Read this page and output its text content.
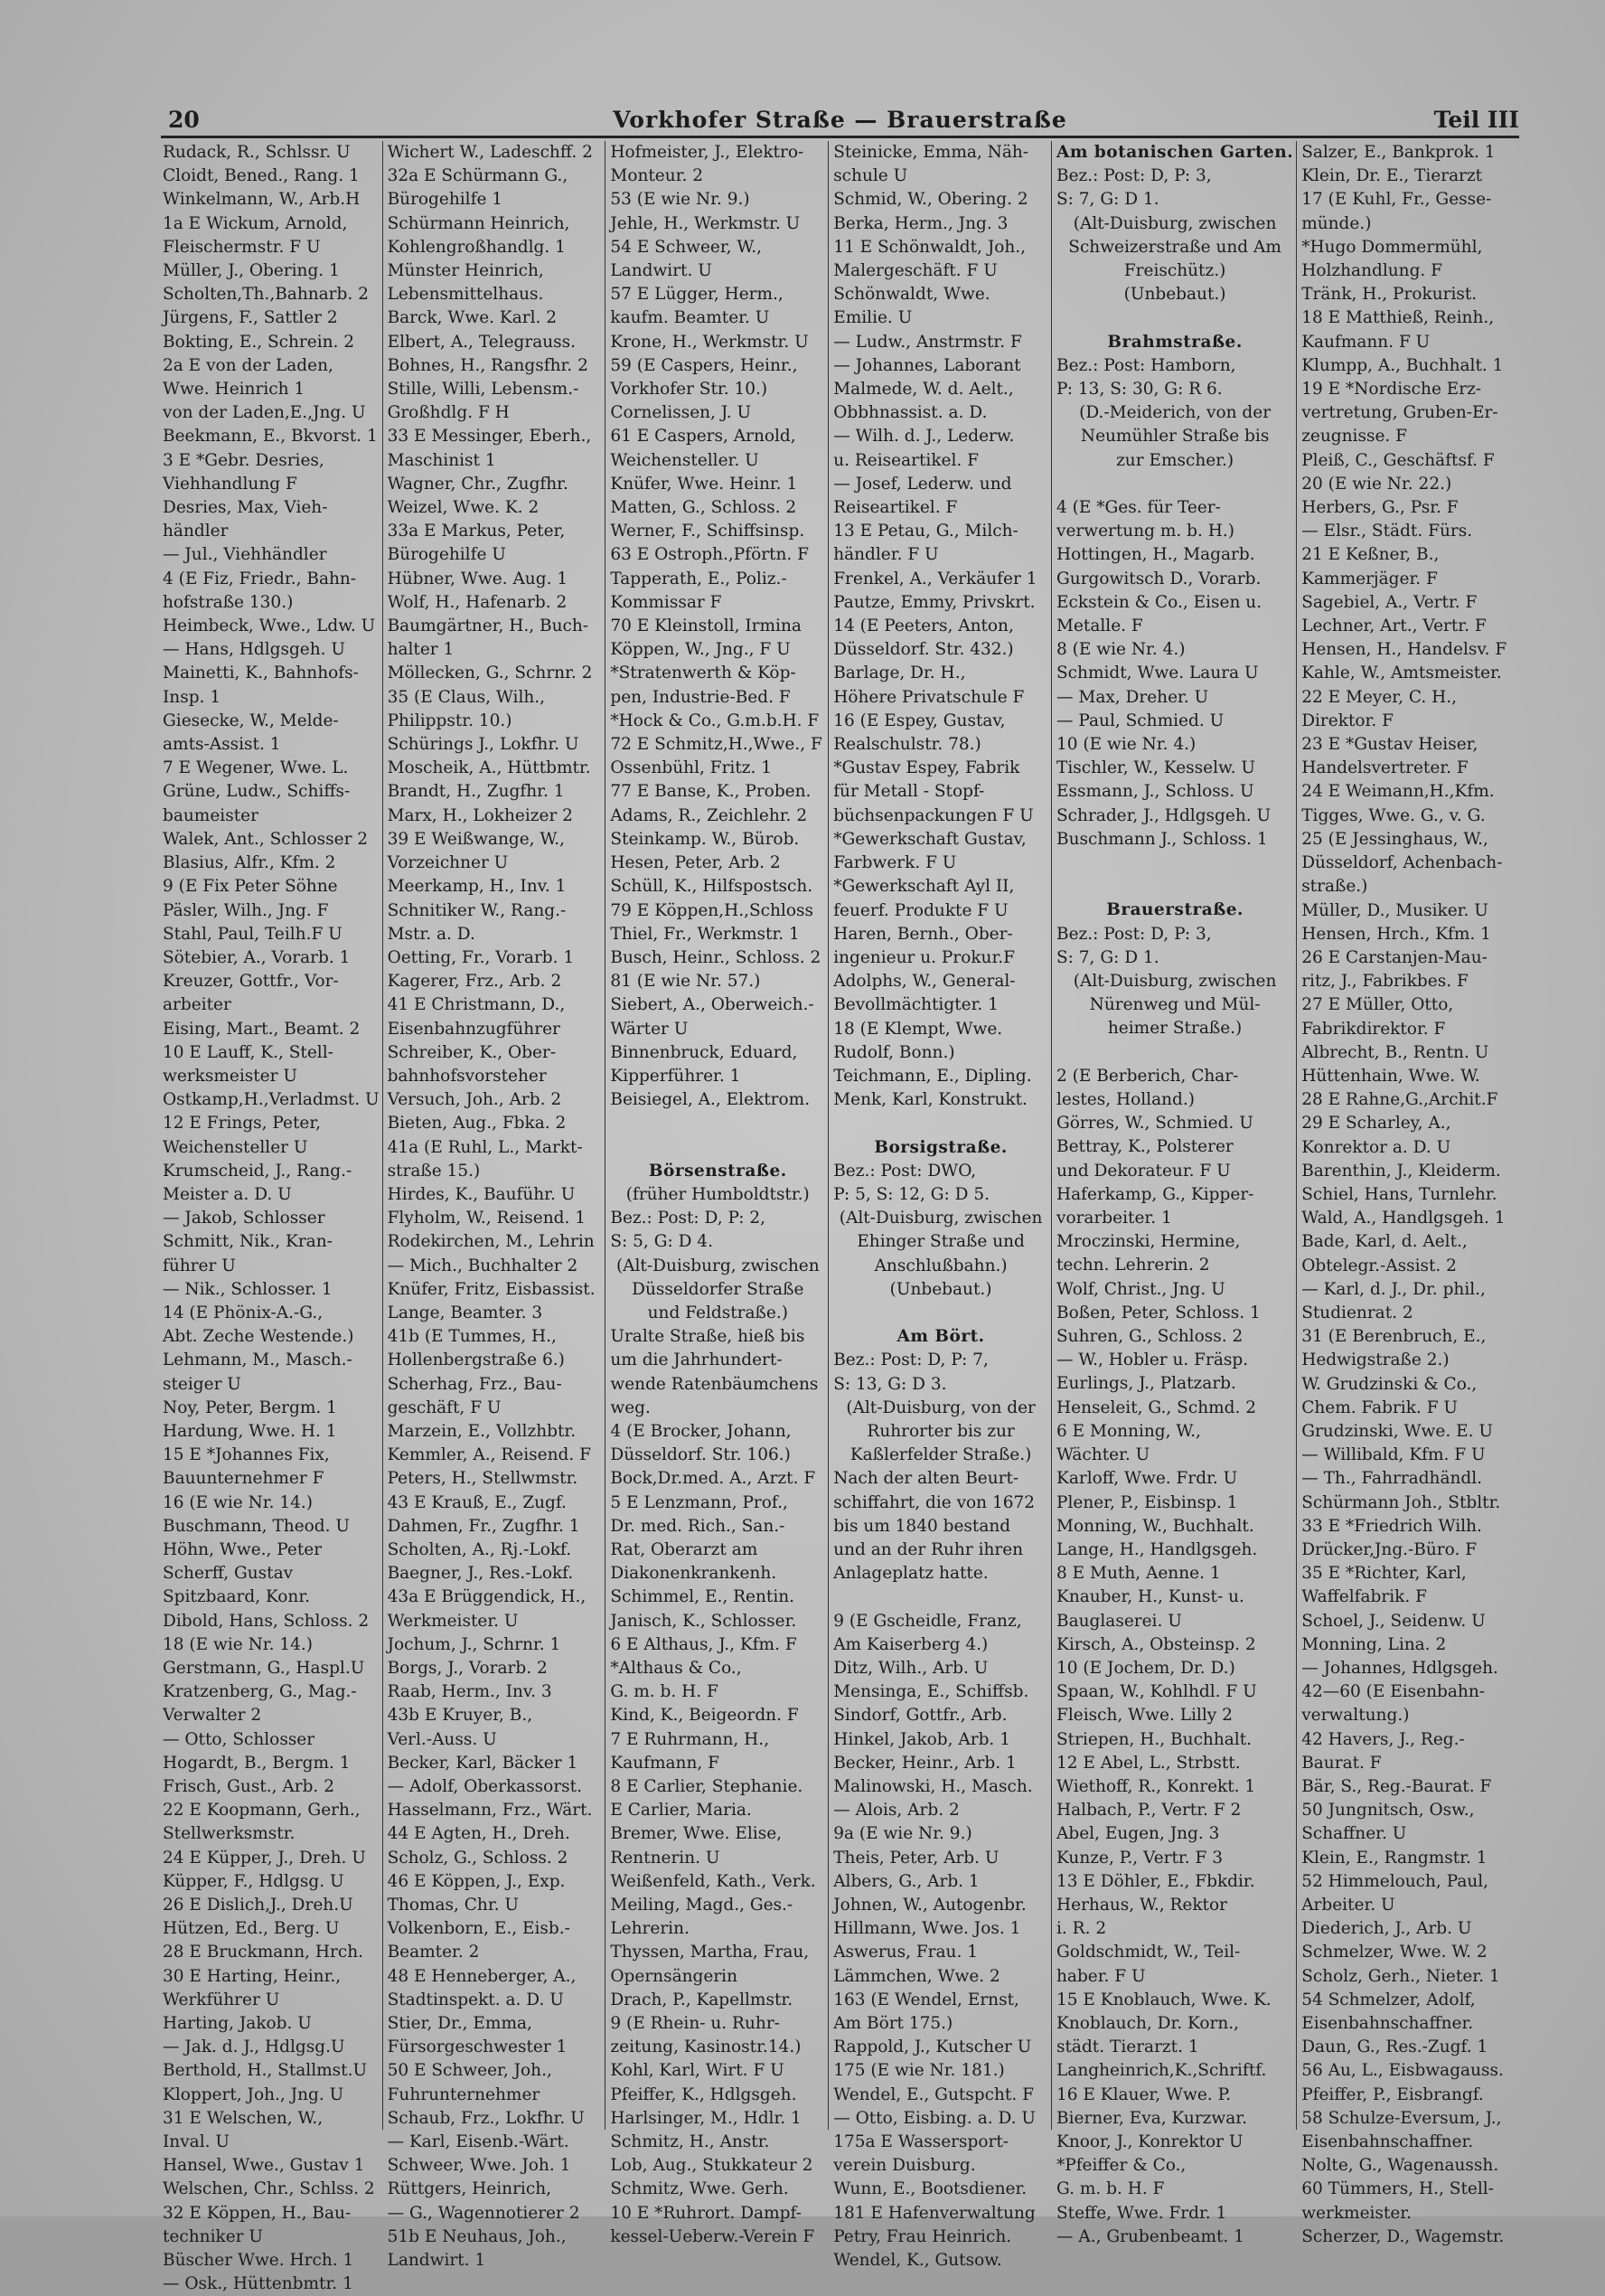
20	Vorkhofer Straße — Brauerstraße	Teil III
Rudack, R., Schlssr. U
Cloidt, Bened., Rang. 1
Winkelmann, W., Arb.H
1a E Wickum, Arnold,
Fleischermstr. F U
Müller, J., Obering. 1
Scholten,Th.,Bahnarb. 2
Jürgens, F., Sattler 2
Bokting, E., Schrein. 2
2a E von der Laden,
Wwe. Heinrich 1
von der Laden,E.,Jng. U
Beekmann, E., Bkvorst. 1
3 E *Gebr. Desries,
Viehhandlung F
Desries, Max, Vieh-
händler
— Jul., Viehhändler
4 (E Fiz, Friedr., Bahn-
hofstraße 130.)
Heimbeck, Wwe., Ldw. U
— Hans, Hdlgsgeh. U
Mainetti, K., Bahnhofs-
Insp. 1
Giesecke, W., Melde-
amts-Assist. 1
7 E Wegener, Wwe. L.
Grüne, Ludw., Schiffs-
baumeister
Walek, Ant., Schlosser 2
Blasius, Alfr., Kfm. 2
9 (E Fix Peter Söhne
Päsler, Wilh., Jng. F
Stahl, Paul, Teilh.F U
Sötebier, A., Vorarb. 1
Kreuzer, Gottfr., Vor-
arbeiter
Eising, Mart., Beamt. 2
10 E Lauff, K., Stell-
werksmeister U
Ostkamp,H.,Verladmst. U
12 E Frings, Peter,
Weichensteller U
Krumscheid, J., Rang.-
Meister a. D. U
— Jakob, Schlosser
Schmitt, Nik., Kran-
führer U
— Nik., Schlosser. 1
14 (E Phönix-A.-G.,
Abt. Zeche Westende.)
Lehmann, M., Masch.-
steiger U
Noy, Peter, Bergm. 1
Hardung, Wwe. H. 1
15 E *Johannes Fix,
Bauunternehmer F
16 (E wie Nr. 14.)
Buschmann, Theod. U
Höhn, Wwe., Peter
Scherff, Gustav
Spitzbaard, Konr.
Dibold, Hans, Schloss. 2
18 (E wie Nr. 14.)
Gerstmann, G., Haspl.U
Kratzenberg, G., Mag.-
Verwalter 2
— Otto, Schlosser
Hogardt, B., Bergm. 1
Frisch, Gust., Arb. 2
22 E Koopmann, Gerh.,
Stellwerksmstr.
24 E Küpper, J., Dreh. U
Küpper, F., Hdlgsg. U
26 E Dislich,J., Dreh.U
Hützen, Ed., Berg. U
28 E Bruckmann, Hrch.
30 E Harting, Heinr.,
Werkführer U
Harting, Jakob. U
— Jak. d. J., Hdlgsg.U
Berthold, H., Stallmst.U
Kloppert, Joh., Jng. U
31 E Welschen, W.,
Inval. U
Hansel, Wwe., Gustav 1
Welschen, Chr., Schlss. 2
32 E Köppen, H., Bau-
techniker U
Büscher Wwe. Hrch. 1
— Osk., Hüttenbmtr. 1
Wichert W., Ladeschff. 2
32a E Schürmann G.,
Bürogehilfe 1
Schürmann Heinrich,
Kohlengroßhandlg. 1
Münster Heinrich,
Lebensmittelhaus.
Barck, Wwe. Karl. 2
Elbert, A., Telegrauss.
Bohnes, H., Rangsfhr. 2
Stille, Willi, Lebensm.-
Großhdlg. F H
33 E Messinger, Eberh.,
Maschinist 1
Wagner, Chr., Zugfhr.
Weizel, Wwe. K. 2
33a E Markus, Peter,
Bürogehilfe U
Hübner, Wwe. Aug. 1
Wolf, H., Hafenarb. 2
Baumgärtner, H., Buch-
halter 1
Möllecken, G., Schrnr. 2
35 (E Claus, Wilh.,
Philippstr. 10.)
Schürings J., Lokfhr. U
Moscheik, A., Hüttbmtr.
Brandt, H., Zugfhr. 1
Marx, H., Lokheizer 2
39 E Weißwange, W.,
Vorzeichner U
Meerkamp, H., Inv. 1
Schnitiker W., Rang.-
Mstr. a. D.
Oetting, Fr., Vorarb. 1
Kagerer, Frz., Arb. 2
41 E Christmann, D.,
Eisenbahnzugführer
Schreiber, K., Ober-
bahnhofsvorsteher
Versuch, Joh., Arb. 2
Bieten, Aug., Fbka. 2
41a (E Ruhl, L., Markt-
straße 15.)
Hirdes, K., Bauführ. U
Flyholm, W., Reisend. 1
Rodekirchen, M., Lehrin
— Mich., Buchhalter 2
Knüfer, Fritz, Eisbassist.
Lange, Beamter. 3
41b (E Tummes, H.,
Hollenbergstraße 6.)
Scherhag, Frz., Bau-
geschäft, F U
Marzein, E., Vollzhbtr.
Kemmler, A., Reisend. F
Peters, H., Stellwmstr.
43 E Krauß, E., Zugf.
Dahmen, Fr., Zugfhr. 1
Scholten, A., Rj.-Lokf.
Baegner, J., Res.-Lokf.
43a E Brüggendick, H.,
Werkmeister. U
Jochum, J., Schrnr. 1
Borgs, J., Vorarb. 2
Raab, Herm., Inv. 3
43b E Kruyer, B.,
Verl.-Auss. U
Becker, Karl, Bäcker 1
— Adolf, Oberkassorst.
Hasselmann, Frz., Wärt.
44 E Agten, H., Dreh.
Scholz, G., Schloss. 2
46 E Köppen, J., Exp.
Thomas, Chr. U
Volkenborn, E., Eisb.-
Beamter. 2
48 E Henneberger, A.,
Stadtinspekt. a. D. U
Stier, Dr., Emma,
Fürsorgeschwester 1
50 E Schweer, Joh.,
Fuhrunternehmer
Schaub, Frz., Lokfhr. U
— Karl, Eisenb.-Wärt.
Schweer, Wwe. Joh. 1
Rüttgers, Heinrich,
— G., Wagennotierer 2
51b E Neuhaus, Joh.,
Landwirt. 1
Hofmeister, J., Elektro-
Monteur. 2
53 (E wie Nr. 9.)
Jehle, H., Werkmstr. U
54 E Schweer, W.,
Landwirt. U
57 E Lügger, Herm.,
kaufm. Beamter. U
Krone, H., Werkmstr. U
59 (E Caspers, Heinr.,
Vorkhofer Str. 10.)
Cornelissen, J. U
61 E Caspers, Arnold,
Weichensteller. U
Knüfer, Wwe. Heinr. 1
Matten, G., Schloss. 2
Werner, F., Schiffsinsp.
63 E Ostroph.,Pförtn. F
Tapperath, E., Poliz.-
Kommissar F
70 E Kleinstoll, Irmina
Köppen, W., Jng., F U
*Stratenwerth & Köp-
pen, Industrie-Bed. F
*Hock & Co., G.m.b.H. F
72 E Schmitz,H.,Wwe., F
Ossenbühl, Fritz. 1
77 E Banse, K., Proben.
Adams, R., Zeichlehr. 2
Steinkamp. W., Bürob.
Hesen, Peter, Arb. 2
Schüll, K., Hilfspostsch.
79 E Köppen,H.,Schloss
Thiel, Fr., Werkmstr. 1
Busch, Heinr., Schloss. 2
81 (E wie Nr. 57.)
Siebert, A., Oberweich.-
Wärter U
Binnenbruck, Eduard,
Kipperführer. 1
Beisiegel, A., Elektrom.
Börsenstraße.
(früher Humboldtstr.)
Bez.: Post: D, P: 2,
S: 5, G: D 4.
(Alt-Duisburg, zwischen
Düsseldorfer Straße
und Feldstraße.)
Uralte Straße, hieß bis
um die Jahrhundert-
wende Ratenbäumchens
weg.
4 (E Brocker, Johann,
Düsseldorf. Str. 106.)
Bock,Dr.med. A., Arzt. F
5 E Lenzmann, Prof.,
Dr. med. Rich., San.-
Rat, Oberarzt am
Diakonenkrankenh.
Schimmel, E., Rentin.
Janisch, K., Schlosser.
6 E Althaus, J., Kfm. F
*Althaus & Co.,
G. m. b. H. F
Kind, K., Beigeordn. F
7 E Ruhrmann, H.,
Kaufmann, F
8 E Carlier, Stephanie.
E Carlier, Maria.
Bremer, Wwe. Elise,
Rentnerin. U
Weißenfeld, Kath., Verk.
Meiling, Magd., Ges.-
Lehrerin.
Thyssen, Martha, Frau,
Opernsängerin
Drach, P., Kapellmstr.
9 (E Rhein- u. Ruhr-
zeitung, Kasinostr.14.)
Kohl, Karl, Wirt. F U
Pfeiffer, K., Hdlgsgeh.
Harlsinger, M., Hdlr. 1
Schmitz, H., Anstr.
Lob, Aug., Stukkateur 2
Schmitz, Wwe. Gerh.
10 E *Ruhrort. Dampf-
kessel-Ueberw.-Verein F
Steinicke, Emma, Näh-
schule U
Schmid, W., Obering. 2
Berka, Herm., Jng. 3
11 E Schönwaldt, Joh.,
Malergeschäft. F U
Schönwaldt, Wwe.
Emilie. U
— Ludw., Anstrmstr. F
— Johannes, Laborant
Malmede, W. d. Aelt.,
Obbhnassist. a. D.
— Wilh. d. J., Lederw.
u. Reiseartikel. F
— Josef, Lederw. und
Reiseartikel. F
13 E Petau, G., Milch-
händler. F U
Frenkel, A., Verkäufer 1
Pautze, Emmy, Privskrt.
14 (E Peeters, Anton,
Düsseldorf. Str. 432.)
Barlage, Dr. H.,
Höhere Privatschule F
16 (E Espey, Gustav,
Realschulstr. 78.)
*Gustav Espey, Fabrik
für Metall - Stopf-
büchsenpackungen F U
*Gewerkschaft Gustav,
Farbwerk. F U
*Gewerkschaft Ayl II,
feuerf. Produkte F U
Haren, Bernh., Ober-
ingenieur u. Prokur.F
Adolphs, W., General-
Bevollmächtigter. 1
18 (E Klempt, Wwe.
Rudolf, Bonn.)
Teichmann, E., Dipling.
Menk, Karl, Konstrukt.
Borsigstraße.
Bez.: Post: DWO,
P: 5, S: 12, G: D 5.
(Alt-Duisburg, zwischen
Ehinger Straße und
Anschlußbahn.)
(Unbebaut.)
Am Bört.
Bez.: Post: D, P: 7,
S: 13, G: D 3.
(Alt-Duisburg, von der
Ruhrorter bis zur
Kaßlerfelder Straße.)
Nach der alten Beurt-
schiffahrt, die von 1672
bis um 1840 bestand
und an der Ruhr ihren
Anlageplatz hatte.
9 (E Gscheidle, Franz,
Am Kaiserberg 4.)
Ditz, Wilh., Arb. U
Mensinga, E., Schiffsb.
Sindorf, Gottfr., Arb.
Hinkel, Jakob, Arb. 1
Becker, Heinr., Arb. 1
Malinowski, H., Masch.
— Alois, Arb. 2
9a (E wie Nr. 9.)
Theis, Peter, Arb. U
Albers, G., Arb. 1
Johnen, W., Autogenbr.
Hillmann, Wwe. Jos. 1
Aswerus, Frau. 1
Lämmchen, Wwe. 2
163 (E Wendel, Ernst,
Am Bört 175.)
Rappold, J., Kutscher U
175 (E wie Nr. 181.)
Wendel, E., Gutspcht. F
— Otto, Eisbing. a. D. U
175a E Wassersport-
verein Duisburg.
Wunn, E., Bootsdiener.
181 E Hafenverwaltung
Petry, Frau Heinrich.
Wendel, K., Gutsow.
Am botanischen Garten.
Bez.: Post: D, P: 3,
S: 7, G: D 1.
(Alt-Duisburg, zwischen
Schweizerstraße und Am
Freischütz.)
(Unbebaut.)
Brahmstraße.
Bez.: Post: Hamborn,
P: 13, S: 30, G: R 6.
(D.-Meiderich, von der
Neumühler Straße bis
zur Emscher.)
4 (E *Ges. für Teer-
verwertung m. b. H.)
Hottingen, H., Magarb.
Gurgowitsch D., Vorarb.
Eckstein & Co., Eisen u.
Metalle. F
8 (E wie Nr. 4.)
Schmidt, Wwe. Laura U
— Max, Dreher. U
— Paul, Schmied. U
10 (E wie Nr. 4.)
Tischler, W., Kesselw. U
Essmann, J., Schloss. U
Schrader, J., Hdlgsgeh. U
Buschmann J., Schloss. 1
Brauerstraße.
Bez.: Post: D, P: 3,
S: 7, G: D 1.
(Alt-Duisburg, zwischen
Nürenweg und Mül-
heimer Straße.)
2 (E Berberich, Char-
lestes, Holland.)
Görres, W., Schmied. U
Bettray, K., Polsterer
und Dekorateur. F U
Haferkamp, G., Kipper-
vorarbeiter. 1
Mroczinski, Hermine,
techn. Lehrerin. 2
Wolf, Christ., Jng. U
Boßen, Peter, Schloss. 1
Suhren, G., Schloss. 2
— W., Hobler u. Fräsp.
Eurlings, J., Platzarb.
Henseleit, G., Schmd. 2
6 E Monning, W.,
Wächter. U
Karloff, Wwe. Frdr. U
Plener, P., Eisbinsp. 1
Monning, W., Buchhalt.
Lange, H., Handlgsgeh.
8 E Muth, Aenne. 1
Knauber, H., Kunst- u.
Bauglaserei. U
Kirsch, A., Obsteinsp. 2
10 (E Jochem, Dr. D.)
Spaan, W., Kohlhdl. F U
Fleisch, Wwe. Lilly 2
Striepen, H., Buchhalt.
12 E Abel, L., Strbstt.
Wiethoff, R., Konrekt. 1
Halbach, P., Vertr. F 2
Abel, Eugen, Jng. 3
Kunze, P., Vertr. F 3
13 E Döhler, E., Fbkdir.
Herhaus, W., Rektor
i. R. 2
Goldschmidt, W., Teil-
haber. F U
15 E Knoblauch, Wwe. K.
Knoblauch, Dr. Korn.,
städt. Tierarzt. 1
Langheinrich,K.,Schriftf.
16 E Klauer, Wwe. P.
Bierner, Eva, Kurzwar.
Knoor, J., Konrektor U
*Pfeiffer & Co.,
G. m. b. H. F
Steffe, Wwe. Frdr. 1
— A., Grubenbeamt. 1
Salzer, E., Bankprok. 1
Klein, Dr. E., Tierarzt
17 (E Kuhl, Fr., Gesse-
münde.)
*Hugo Dommermühl,
Holzhandlung. F
Tränk, H., Prokurist.
18 E Matthieß, Reinh.,
Kaufmann. F U
Klumpp, A., Buchhalt. 1
19 E *Nordische Erz-
vertretung, Gruben-Er-
zeugnisse. F
Pleiß, C., Geschäftsf. F
20 (E wie Nr. 22.)
Herbers, G., Psr. F
— Elsr., Städt. Fürs.
21 E Keßner, B.,
Kammerjäger. F
Sagebiel, A., Vertr. F
Lechner, Art., Vertr. F
Hensen, H., Handelsv. F
Kahle, W., Amtsmeister.
22 E Meyer, C. H.,
Direktor. F
23 E *Gustav Heiser,
Handelsvertreter. F
24 E Weimann,H.,Kfm.
Tigges, Wwe. G., v. G.
25 (E Jessinghaus, W.,
Düsseldorf, Achenbach-
straße.)
Müller, D., Musiker. U
Hensen, Hrch., Kfm. 1
26 E Carstanjen-Mau-
ritz, J., Fabrikbes. F
27 E Müller, Otto,
Fabrikdirektor. F
Albrecht, B., Rentn. U
Hüttenhain, Wwe. W.
28 E Rahne,G.,Archit.F
29 E Scharley, A.,
Konrektor a. D. U
Barenthin, J., Kleiderm.
Schiel, Hans, Turnlehr.
Wald, A., Handlgsgeh. 1
Bade, Karl, d. Aelt.,
Obtelegr.-Assist. 2
— Karl, d. J., Dr. phil.,
Studienrat. 2
31 (E Berenbruch, E.,
Hedwigstraße 2.)
W. Grudzinski & Co.,
Chem. Fabrik. F U
Grudzinski, Wwe. E. U
— Willibald, Kfm. F U
— Th., Fahrradhändl.
Schürmann Joh., Stbltr.
33 E *Friedrich Wilh.
Drücker,Jng.-Büro. F
35 E *Richter, Karl,
Waffelfabrik. F
Schoel, J., Seidenw. U
Monning, Lina. 2
— Johannes, Hdlgsgeh.
42—60 (E Eisenbahn-
verwaltung.)
42 Havers, J., Reg.-
Baurat. F
Bär, S., Reg.-Baurat. F
50 Jungnitsch, Osw.,
Schaffner. U
Klein, E., Rangmstr. 1
52 Himmelouch, Paul,
Arbeiter. U
Diederich, J., Arb. U
Schmelzer, Wwe. W. 2
Scholz, Gerh., Nieter. 1
54 Schmelzer, Adolf,
Eisenbahnschaffner.
Daun, G., Res.-Zugf. 1
56 Au, L., Eisbwagauss.
Pfeiffer, P., Eisbrangf.
58 Schulze-Eversum, J.,
Eisenbahnschaffner.
Nolte, G., Wagenaussh.
60 Tümmers, H., Stell-
werkmeister.
Scherzer, D., Wagemstr.
